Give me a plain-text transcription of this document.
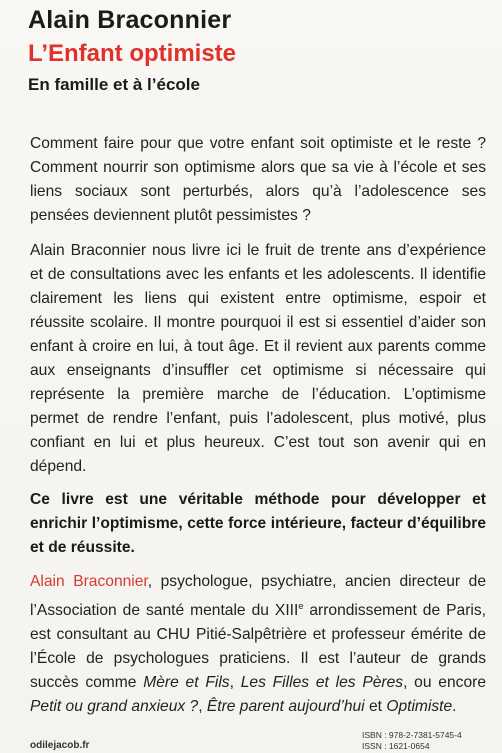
Alain Braconnier
L’Enfant optimiste
En famille et à l’école

Comment faire pour que votre enfant soit optimiste et le reste ? Comment nourrir son optimisme alors que sa vie à l’école et ses liens sociaux sont perturbés, alors qu’à l’adolescence ses pensées deviennent plutôt pessimistes ?

Alain Braconnier nous livre ici le fruit de trente ans d’expérience et de consultations avec les enfants et les adolescents. Il identifie clairement les liens qui existent entre optimisme, espoir et réussite scolaire. Il montre pourquoi il est si essentiel d’aider son enfant à croire en lui, à tout âge. Et il revient aux parents comme aux enseignants d’insuffler cet optimisme si nécessaire qui représente la première marche de l’éducation. L’optimisme permet de rendre l’enfant, puis l’adolescent, plus motivé, plus confiant en lui et plus heureux. C’est tout son avenir qui en dépend.

Ce livre est une véritable méthode pour développer et enrichir l’optimisme, cette force intérieure, facteur d’équilibre et de réussite.

Alain Braconnier, psychologue, psychiatre, ancien directeur de l’Association de santé mentale du XIIIe arrondissement de Paris, est consultant au CHU Pitié-Salpêtrière et professeur émérite de l’École de psychologues praticiens. Il est l’auteur de grands succès comme Mère et Fils, Les Filles et les Pères, ou encore Petit ou grand anxieux ?, Être parent aujourd’hui et Optimiste.

odilejacob.fr
ISBN : 978-2-7381-5745-4
ISSN : 1621-0654
